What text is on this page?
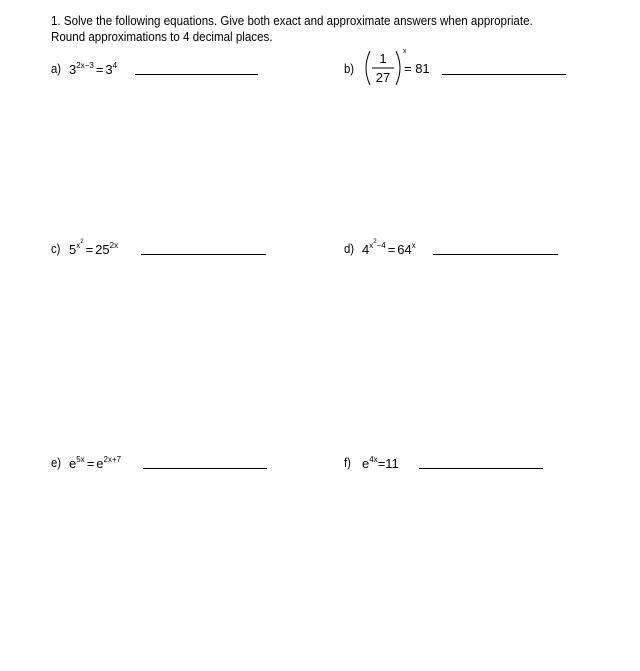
1. Solve the following equations. Give both exact and approximate answers when appropriate. Round approximations to 4 decimal places.
a) $3^{2x-3} = 3^4$	b)
1
27
x
= 81
c) $5^{x^2} = 25^{2x}$	d) $4^{x^2-4} = 64^x$
e) $e^{5x} = e^{2x+7}$	f) $e^{4x}=11$
